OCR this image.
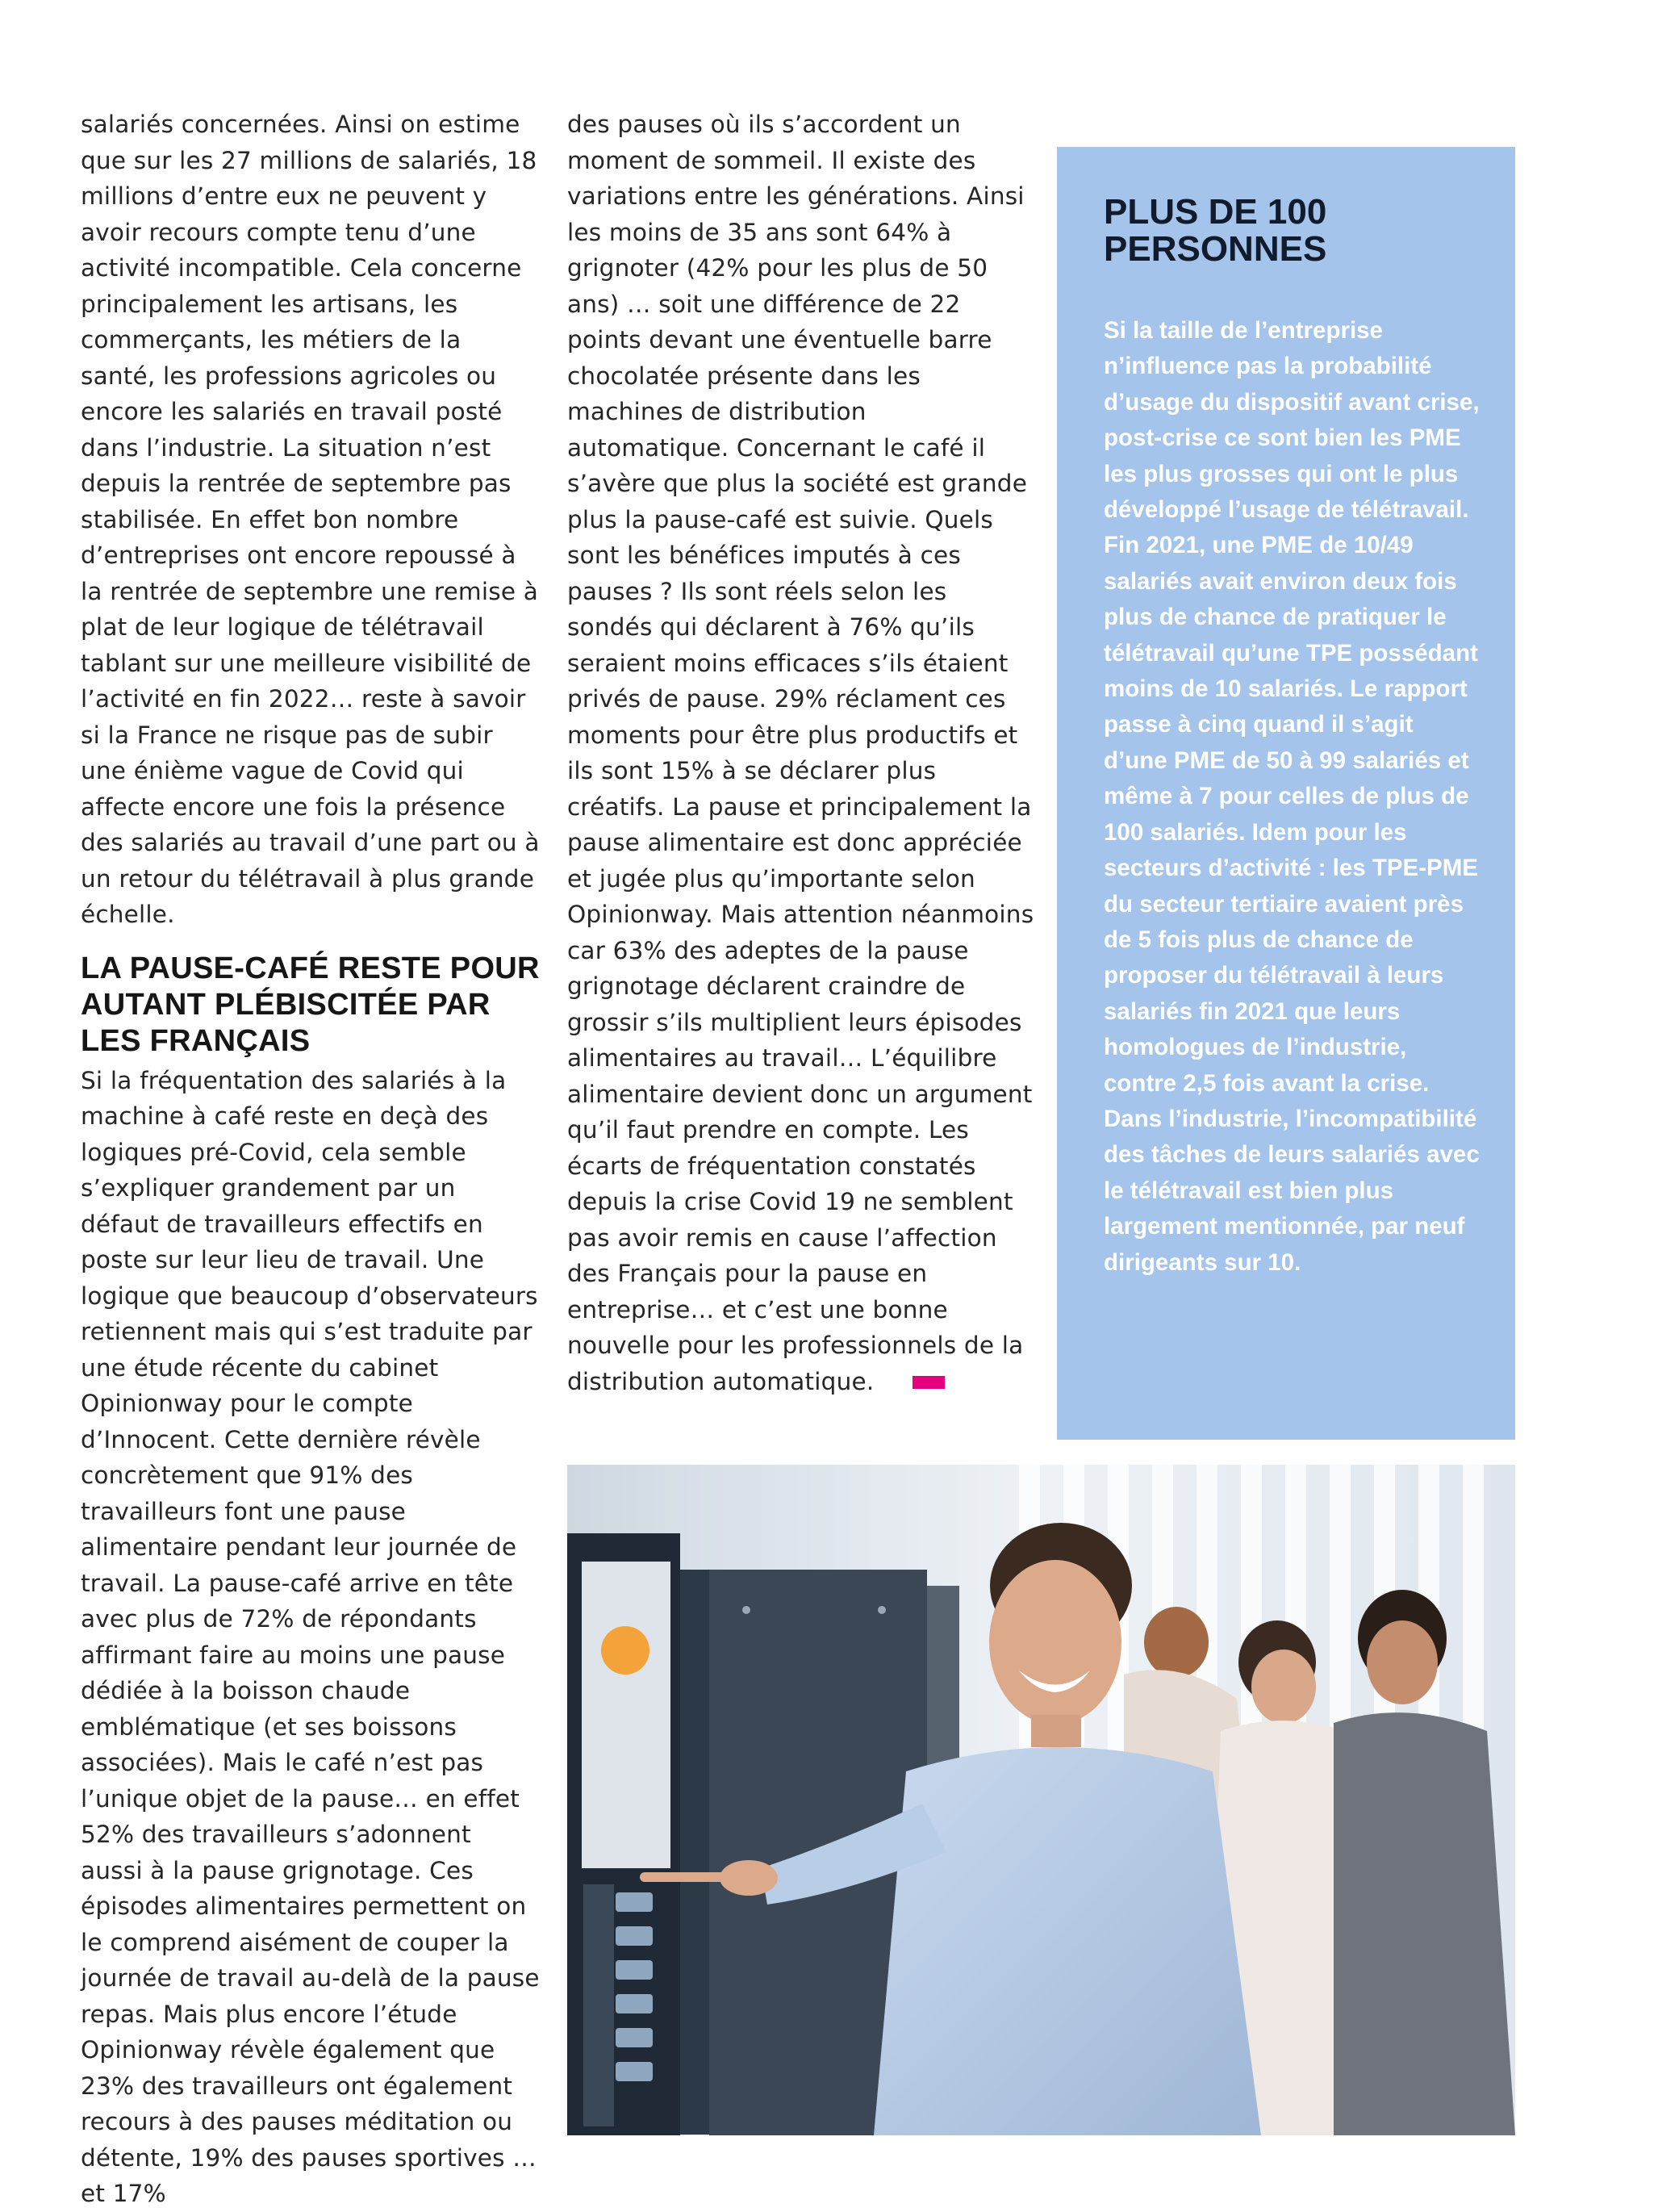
salariés concernées. Ainsi on estime que sur les 27 millions de salariés, 18 millions d’entre eux ne peuvent y avoir recours compte tenu d’une activité incompatible. Cela concerne principalement les artisans, les commerçants, les métiers de la santé, les professions agricoles ou encore les salariés en travail posté dans l’industrie. La situation n’est depuis la rentrée de septembre pas stabilisée. En effet bon nombre d’entreprises ont encore repoussé à la rentrée de septembre une remise à plat de leur logique de télétravail tablant sur une meilleure visibilité de l’activité en fin 2022… reste à savoir si la France ne risque pas de subir une énième vague de Covid qui affecte encore une fois la présence des salariés au travail d’une part ou à un retour du télétravail à plus grande échelle.

LA PAUSE-CAFÉ RESTE POUR AUTANT PLÉBISCITÉE PAR LES FRANÇAIS

Si la fréquentation des salariés à la machine à café reste en deçà des logiques pré-Covid, cela semble s’expliquer grandement par un défaut de travailleurs effectifs en poste sur leur lieu de travail. Une logique que beaucoup d’observateurs retiennent mais qui s’est traduite par une étude récente du cabinet Opinionway pour le compte d’Innocent. Cette dernière révèle concrètement que 91% des travailleurs font une pause alimentaire pendant leur journée de travail. La pause-café arrive en tête avec plus de 72% de répondants affirmant faire au moins une pause dédiée à la boisson chaude emblématique (et ses boissons associées). Mais le café n’est pas l’unique objet de la pause… en effet 52% des travailleurs s’adonnent aussi à la pause grignotage. Ces épisodes alimentaires permettent on le comprend aisément de couper la journée de travail au-delà de la pause repas. Mais plus encore l’étude Opinionway révèle également que 23% des travailleurs ont également recours à des pauses méditation ou détente, 19% des pauses sportives … et 17%

des pauses où ils s’accordent un moment de sommeil. Il existe des variations entre les générations. Ainsi les moins de 35 ans sont 64% à grignoter (42% pour les plus de 50 ans) … soit une différence de 22 points devant une éventuelle barre chocolatée présente dans les machines de distribution automatique. Concernant le café il s’avère que plus la société est grande plus la pause-café est suivie. Quels sont les bénéfices imputés à ces pauses ? Ils sont réels selon les sondés qui déclarent à 76% qu’ils seraient moins efficaces s’ils étaient privés de pause. 29% réclament ces moments pour être plus productifs et ils sont 15% à se déclarer plus créatifs. La pause et principalement la pause alimentaire est donc appréciée et jugée plus qu’importante selon Opinionway. Mais attention néanmoins car 63% des adeptes de la pause grignotage déclarent craindre de grossir s’ils multiplient leurs épisodes alimentaires au travail… L’équilibre alimentaire devient donc un argument qu’il faut prendre en compte. Les écarts de fréquentation constatés depuis la crise Covid 19 ne semblent pas avoir remis en cause l’affection des Français pour la pause en entreprise… et c’est une bonne nouvelle pour les professionnels de la distribution automatique.

PLUS DE 100 PERSONNES

Si la taille de l’entreprise n’influence pas la probabilité d’usage du dispositif avant crise, post-crise ce sont bien les PME les plus grosses qui ont le plus développé l’usage de télétravail. Fin 2021, une PME de 10/49 salariés avait environ deux fois plus de chance de pratiquer le télétravail qu’une TPE possédant moins de 10 salariés. Le rapport passe à cinq quand il s’agit d’une PME de 50 à 99 salariés et même à 7 pour celles de plus de 100 salariés. Idem pour les secteurs d’activité : les TPE-PME du secteur tertiaire avaient près de 5 fois plus de chance de proposer du télétravail à leurs salariés fin 2021 que leurs homologues de l’industrie, contre 2,5 fois avant la crise. Dans l’industrie, l’incompatibilité des tâches de leurs salariés avec le télétravail est bien plus largement mentionnée, par neuf dirigeants sur 10.
